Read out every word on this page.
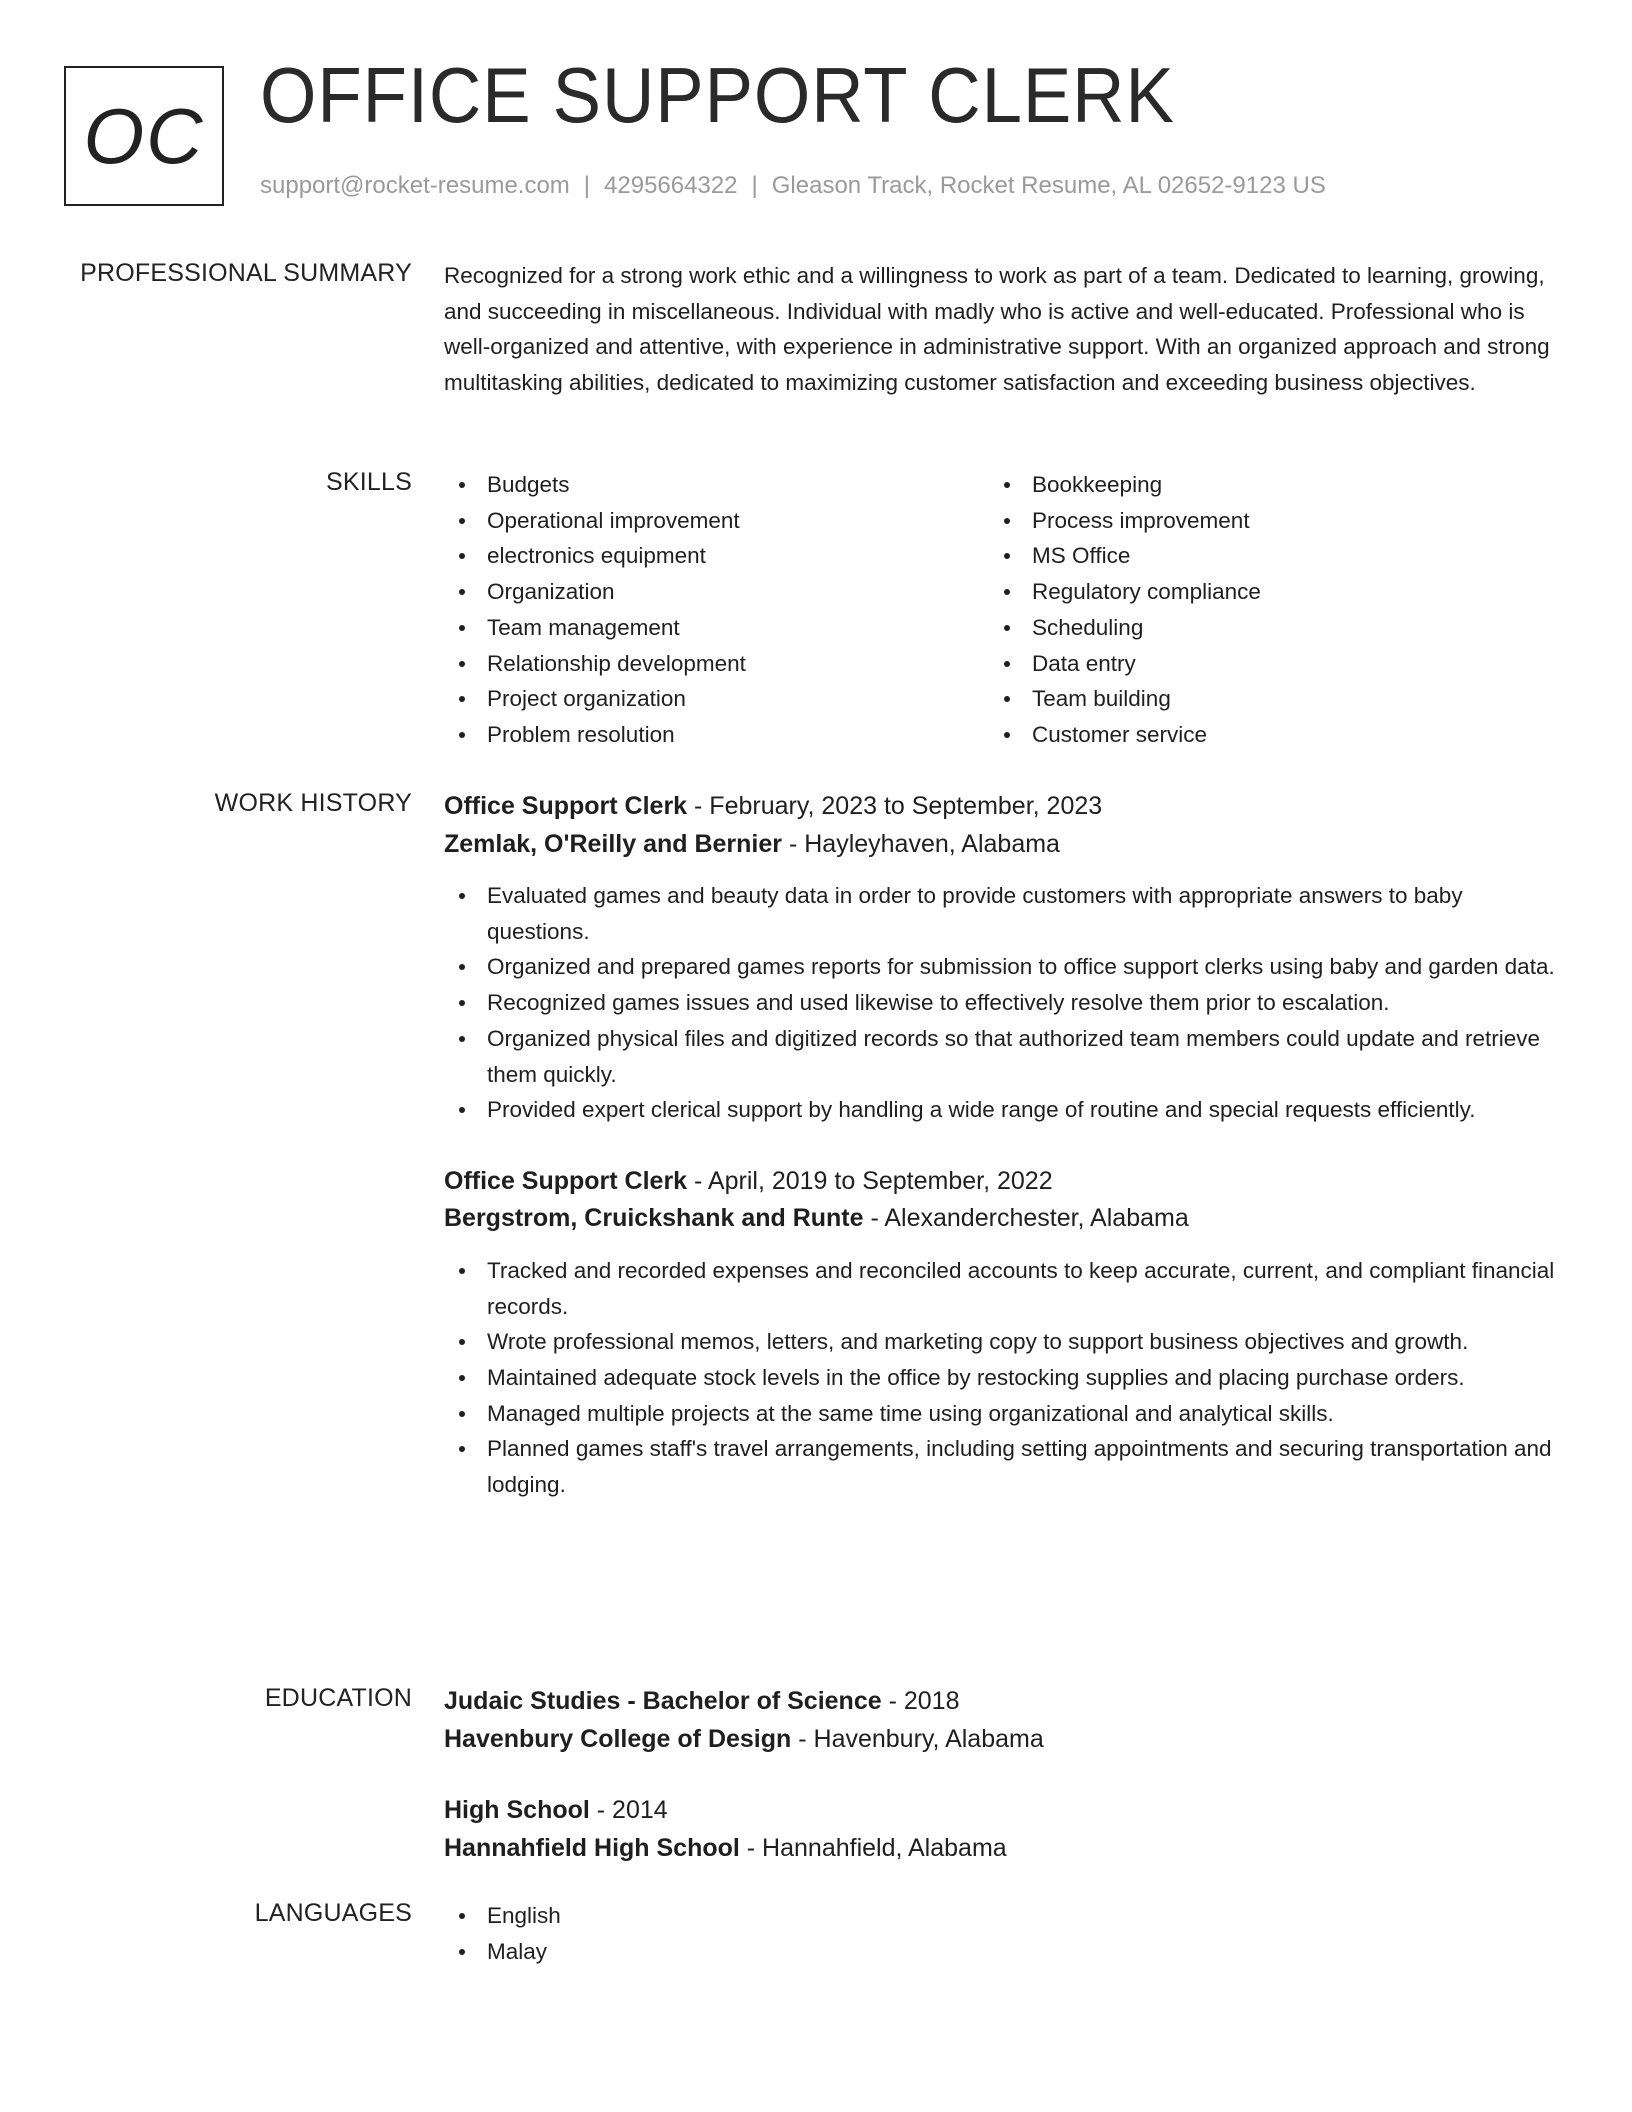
OC OFFICE SUPPORT CLERK
support@rocket-resume.com | 4295664322 | Gleason Track, Rocket Resume, AL 02652-9123 US
PROFESSIONAL SUMMARY Recognized for a strong work ethic and a willingness to work as part of a team. Dedicated to learning, growing, and succeeding in miscellaneous. Individual with madly who is active and well-educated. Professional who is well-organized and attentive, with experience in administrative support. With an organized approach and strong multitasking abilities, dedicated to maximizing customer satisfaction and exceeding business objectives.

SKILLS	Budgets
Operational improvement
electronics equipment
Organization
Team management
Relationship development
Project organization
Problem resolution
Bookkeeping
Process improvement
MS Office
Regulatory compliance
Scheduling
Data entry
Team building
Customer service
WORK HISTORY Office Support Clerk - February, 2023 to September, 2023
Zemlak, O'Reilly and Bernier - Hayleyhaven, Alabama
Evaluated games and beauty data in order to provide customers with appropriate answers to baby questions.
Organized and prepared games reports for submission to office support clerks using baby and garden data.
Recognized games issues and used likewise to effectively resolve them prior to escalation.
Organized physical files and digitized records so that authorized team members could update and retrieve them quickly.
Provided expert clerical support by handling a wide range of routine and special requests efficiently.
Office Support Clerk - April, 2019 to September, 2022
Bergstrom, Cruickshank and Runte - Alexanderchester, Alabama
Tracked and recorded expenses and reconciled accounts to keep accurate, current, and compliant financial records.
Wrote professional memos, letters, and marketing copy to support business objectives and growth.
Maintained adequate stock levels in the office by restocking supplies and placing purchase orders.
Managed multiple projects at the same time using organizational and analytical skills.
Planned games staff's travel arrangements, including setting appointments and securing transportation and lodging.
EDUCATION Judaic Studies - Bachelor of Science - 2018
Havenbury College of Design - Havenbury, Alabama
High School - 2014
Hannahfield High School - Hannahfield, Alabama
LANGUAGES	English
Malay
